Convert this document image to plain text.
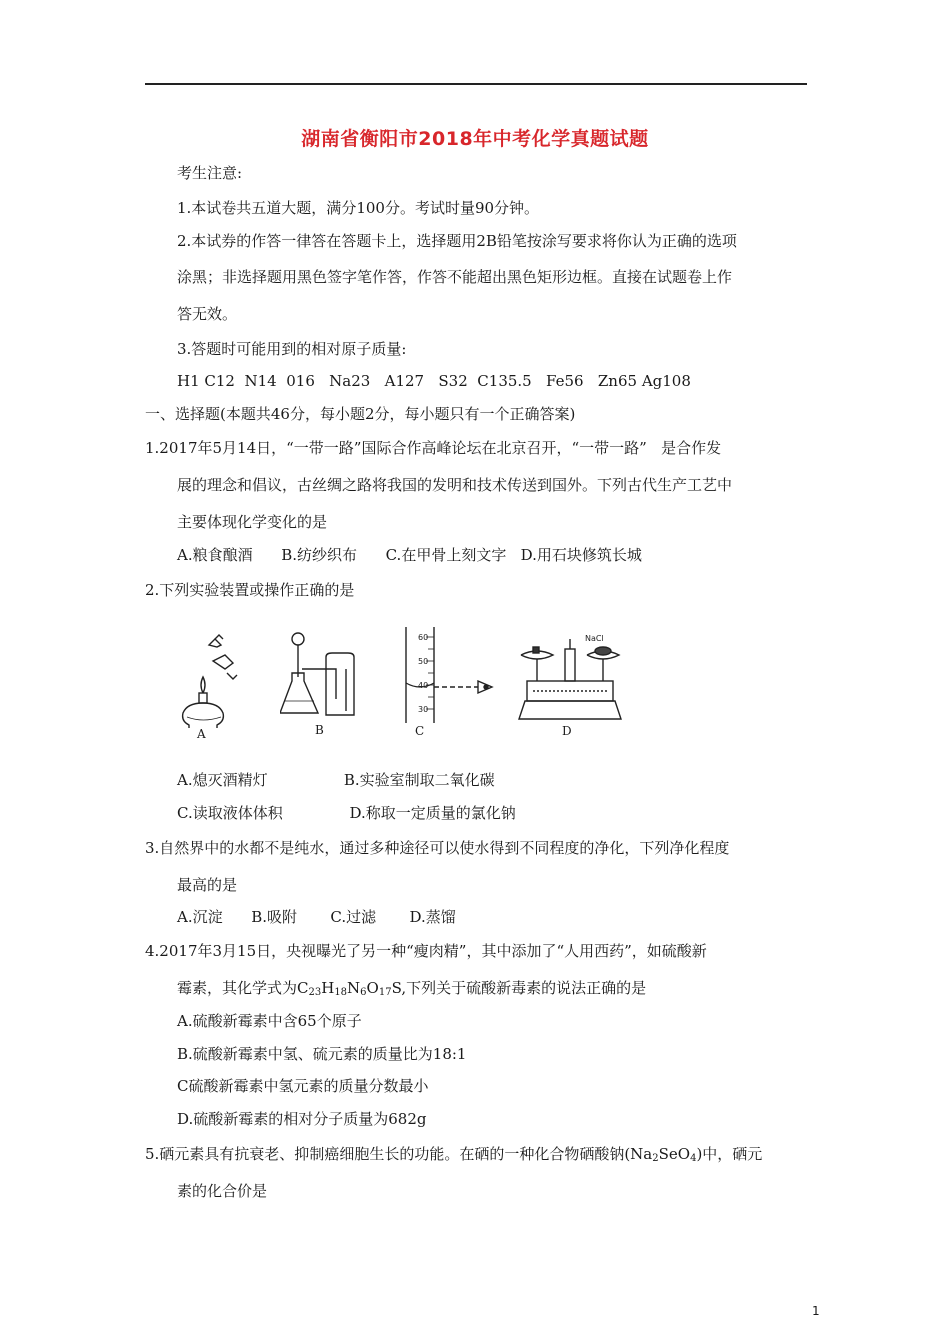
湖南省衡阳市2018年中考化学真题试题
考生注意:
1.本试卷共五道大题，满分100分。考试时量90分钟。
2.本试券的作答一律答在答题卡上，选择题用2B铅笔按涂写要求将你认为正确的选项
涂黑；非选择题用黑色签字笔作答，作答不能超出黑色矩形边框。直接在试题卷上作
答无效。
3.答题时可能用到的相对原子质量:
H1 C12  N14  016   Na23   A127   S32  C135.5   Fe56   Zn65 Ag108
一、选择题(本题共46分，每小题2分，每小题只有一个正确答案)
1.2017年5月14日，“一带一路”国际合作高峰论坛在北京召开，“一带一路”   是合作发
展的理念和倡议，古丝绸之路将我国的发明和技术传送到国外。下列古代生产工艺中
主要体现化学变化的是
A.粮食酿酒      B.纺纱织布      C.在甲骨上刻文字   D.用石块修筑长城
2.下列实验装置或操作正确的是
A	B
60
50
40
30
C
NaCl
D
A.熄灭酒精灯                B.实验室制取二氧化碳
C.读取液体体积              D.称取一定质量的氯化钠
3.自然界中的水都不是纯水，通过多种途径可以使水得到不同程度的净化，下列净化程度
最高的是
A.沉淀      B.吸附       C.过滤       D.蒸馏
4.2017年3月15日，央视曝光了另一种“瘦肉精”，其中添加了“人用西药”，如硫酸新
霉素，其化学式为$C_{23}H_{18}N_6O_{17}S$,下列关于硫酸新毒素的说法正确的是
A.硫酸新霉素中含65个原子
B.硫酸新霉素中氢、硫元素的质量比为18:1
C硫酸新霉素中氢元素的质量分数最小
D.硫酸新霉素的相对分子质量为682g
5.硒元素具有抗衰老、抑制癌细胞生长的功能。在硒的一种化合物硒酸钠$(Na_2SeO_4)$中，硒元
素的化合价是
1
